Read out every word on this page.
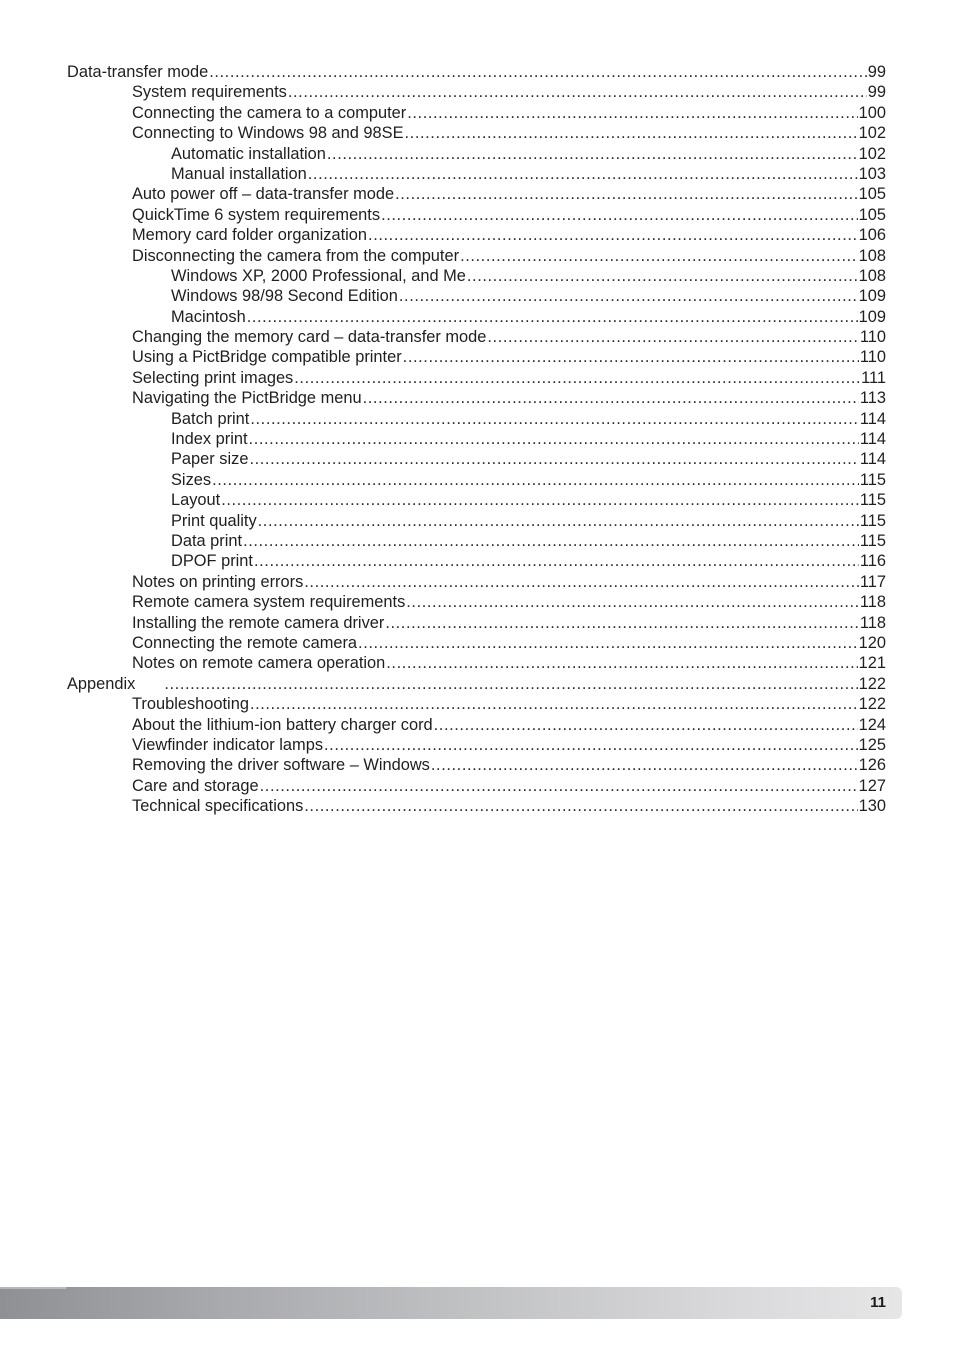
Data-transfer mode .....	99
System requirements .....	99
Connecting the camera to a computer .....	100
Connecting to Windows 98 and 98SE .....	102
Automatic installation .....	102
Manual installation .....	103
Auto power off – data-transfer mode .....	105
QuickTime 6 system requirements .....	105
Memory card folder organization .....	106
Disconnecting the camera from the computer .....	108
Windows XP, 2000 Professional, and Me .....	108
Windows 98/98 Second Edition .....	109
Macintosh .....	109
Changing the memory card – data-transfer mode .....	110
Using a PictBridge compatible printer .....	110
Selecting print images .....	111
Navigating the PictBridge menu .....	113
Batch print .....	114
Index print .....	114
Paper size .....	114
Sizes .....	115
Layout .....	115
Print quality .....	115
Data print .....	115
DPOF print .....	116
Notes on printing errors .....	117
Remote camera system requirements .....	118
Installing the remote camera driver .....	118
Connecting the remote camera .....	120
Notes on remote camera operation .....	121
Appendix .....	122
Troubleshooting .....	122
About the lithium-ion battery charger cord .....	124
Viewfinder indicator lamps .....	125
Removing the driver software – Windows .....	126
Care and storage .....	127
Technical specifications .....	130
11
